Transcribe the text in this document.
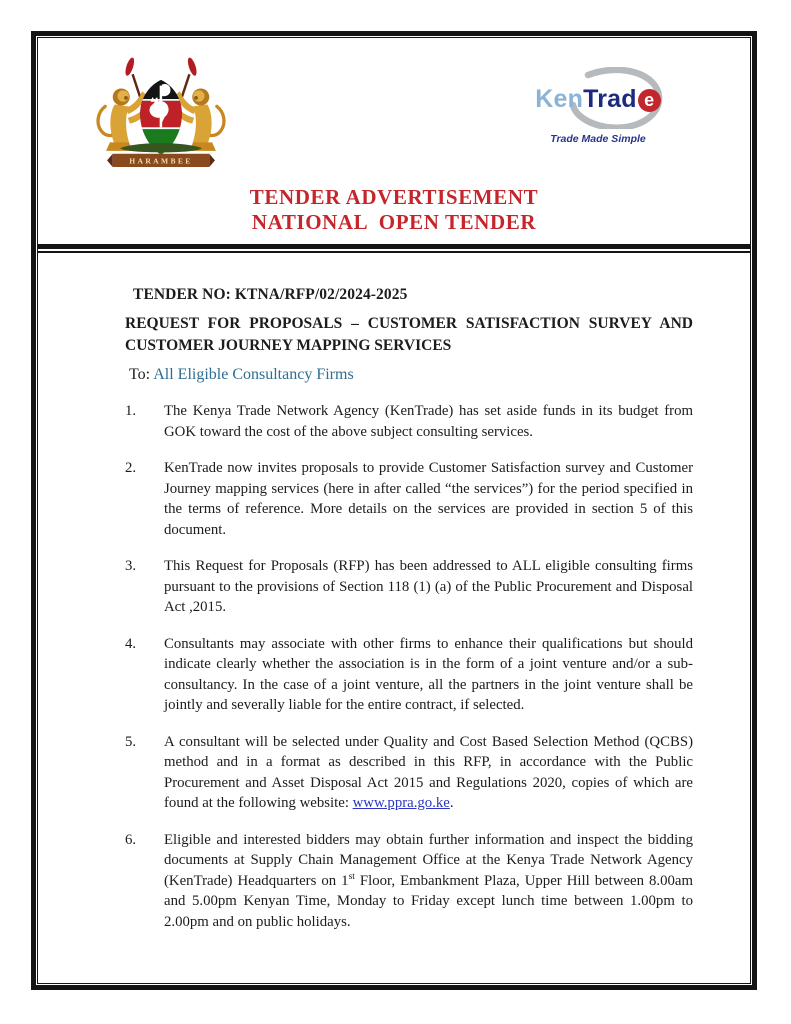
HARAMBEE
KenTrad e
Trade Made Simple
TENDER ADVERTISEMENT
NATIONAL  OPEN TENDER
TENDER NO: KTNA/RFP/02/2024-2025
REQUEST FOR PROPOSALS – CUSTOMER SATISFACTION SURVEY AND CUSTOMER JOURNEY MAPPING SERVICES
To: All Eligible Consultancy Firms
1.	The Kenya Trade Network Agency (KenTrade) has set aside funds in its budget from GOK toward the cost of the above subject consulting services.

2.	KenTrade now invites proposals to provide Customer Satisfaction survey and Customer Journey mapping services (here in after called “the services”) for the period specified in the terms of reference. More details on the services are provided in section 5 of this document.

3.	This Request for Proposals (RFP) has been addressed to ALL eligible consulting firms pursuant to the provisions of Section 118 (1) (a) of the Public Procurement and Disposal Act ,2015.

4.	Consultants may associate with other firms to enhance their qualifications but should indicate clearly whether the association is in the form of a joint venture and/or a sub-consultancy. In the case of a joint venture, all the partners in the joint venture shall be jointly and severally liable for the entire contract, if selected.

5.	A consultant will be selected under Quality and Cost Based Selection Method (QCBS) method and in a format as described in this RFP, in accordance with the Public Procurement and Asset Disposal Act 2015 and Regulations 2020, copies of which are found at the following website: www.ppra.go.ke.

6.	Eligible and interested bidders may obtain further information and inspect the bidding documents at Supply Chain Management Office at the Kenya Trade Network Agency (KenTrade) Headquarters on 1st Floor, Embankment Plaza, Upper Hill between 8.00am and 5.00pm Kenyan Time, Monday to Friday except lunch time between 1.00pm to 2.00pm and on public holidays.
